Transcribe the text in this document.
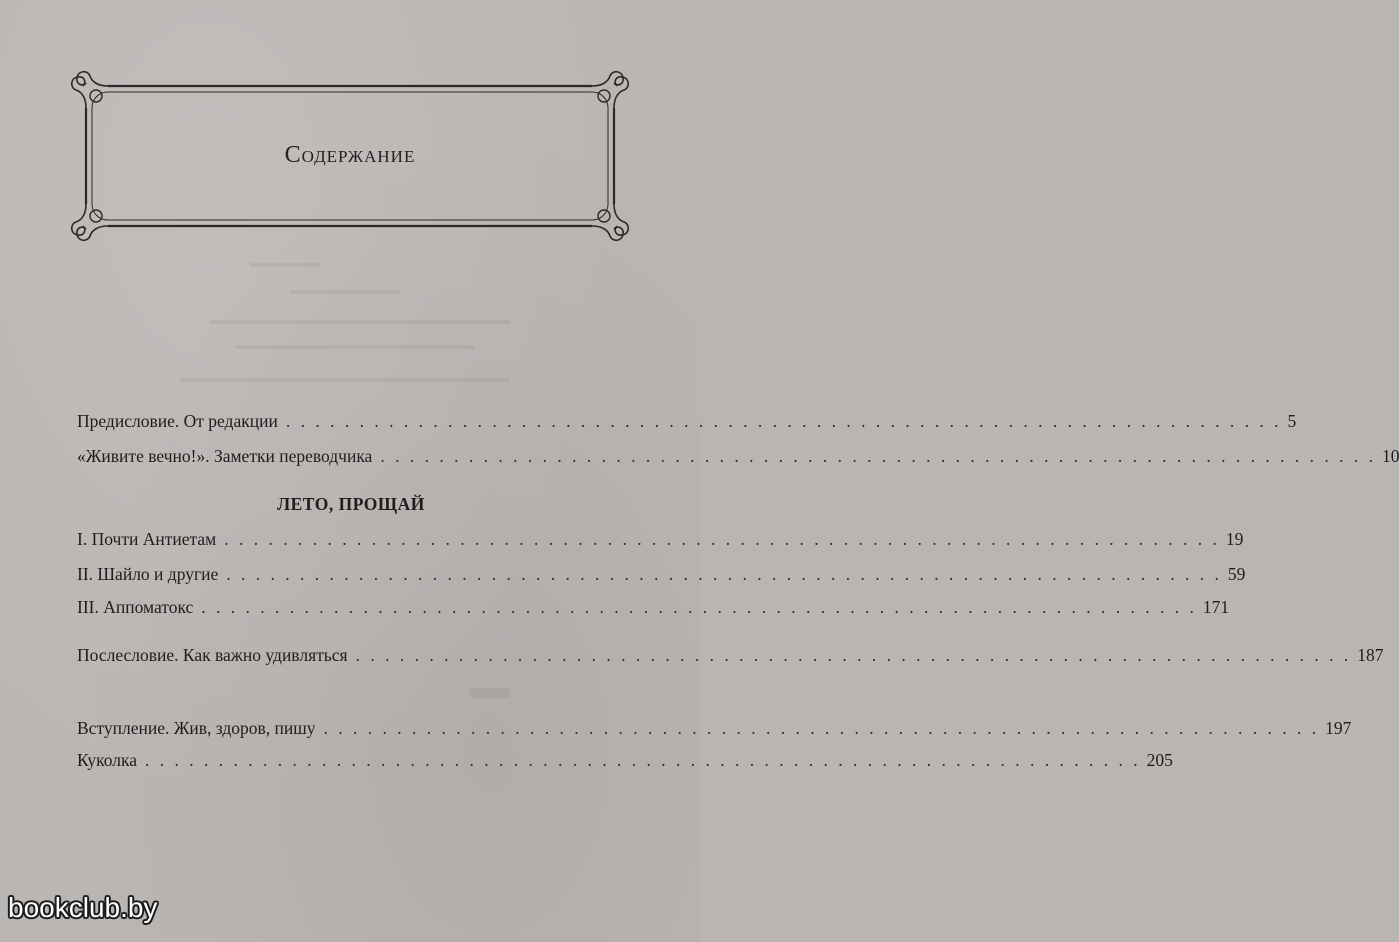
Содержание
Предисловие. От редакции . . . . . . . . . . . . . . . . . . . . . . . . . . . . . . . . . . . . . . . . . . . . . . . . . . . . . . . . . . . . . . . . . . . . 5
«Живите вечно!». Заметки переводчика . . . . . . . . . . . . . . . . . . . . . . . . . . . . . . . . . . . . . . . . . . . . . . . . . . . . . . . . . . . . . . . . . . . . 10
ЛЕТО, ПРОЩАЙ
I. Почти Антиетам . . . . . . . . . . . . . . . . . . . . . . . . . . . . . . . . . . . . . . . . . . . . . . . . . . . . . . . . . . . . . . . . . . . . 19
II. Шайло и другие . . . . . . . . . . . . . . . . . . . . . . . . . . . . . . . . . . . . . . . . . . . . . . . . . . . . . . . . . . . . . . . . . . . . 59
III. Аппоматокс . . . . . . . . . . . . . . . . . . . . . . . . . . . . . . . . . . . . . . . . . . . . . . . . . . . . . . . . . . . . . . . . . . . . 171
Послесловие. Как важно удивляться . . . . . . . . . . . . . . . . . . . . . . . . . . . . . . . . . . . . . . . . . . . . . . . . . . . . . . . . . . . . . . . . . . . . 187
Вступление. Жив, здоров, пишу . . . . . . . . . . . . . . . . . . . . . . . . . . . . . . . . . . . . . . . . . . . . . . . . . . . . . . . . . . . . . . . . . . . . 197
Куколка . . . . . . . . . . . . . . . . . . . . . . . . . . . . . . . . . . . . . . . . . . . . . . . . . . . . . . . . . . . . . . . . . . . . 205
bookclub.by
